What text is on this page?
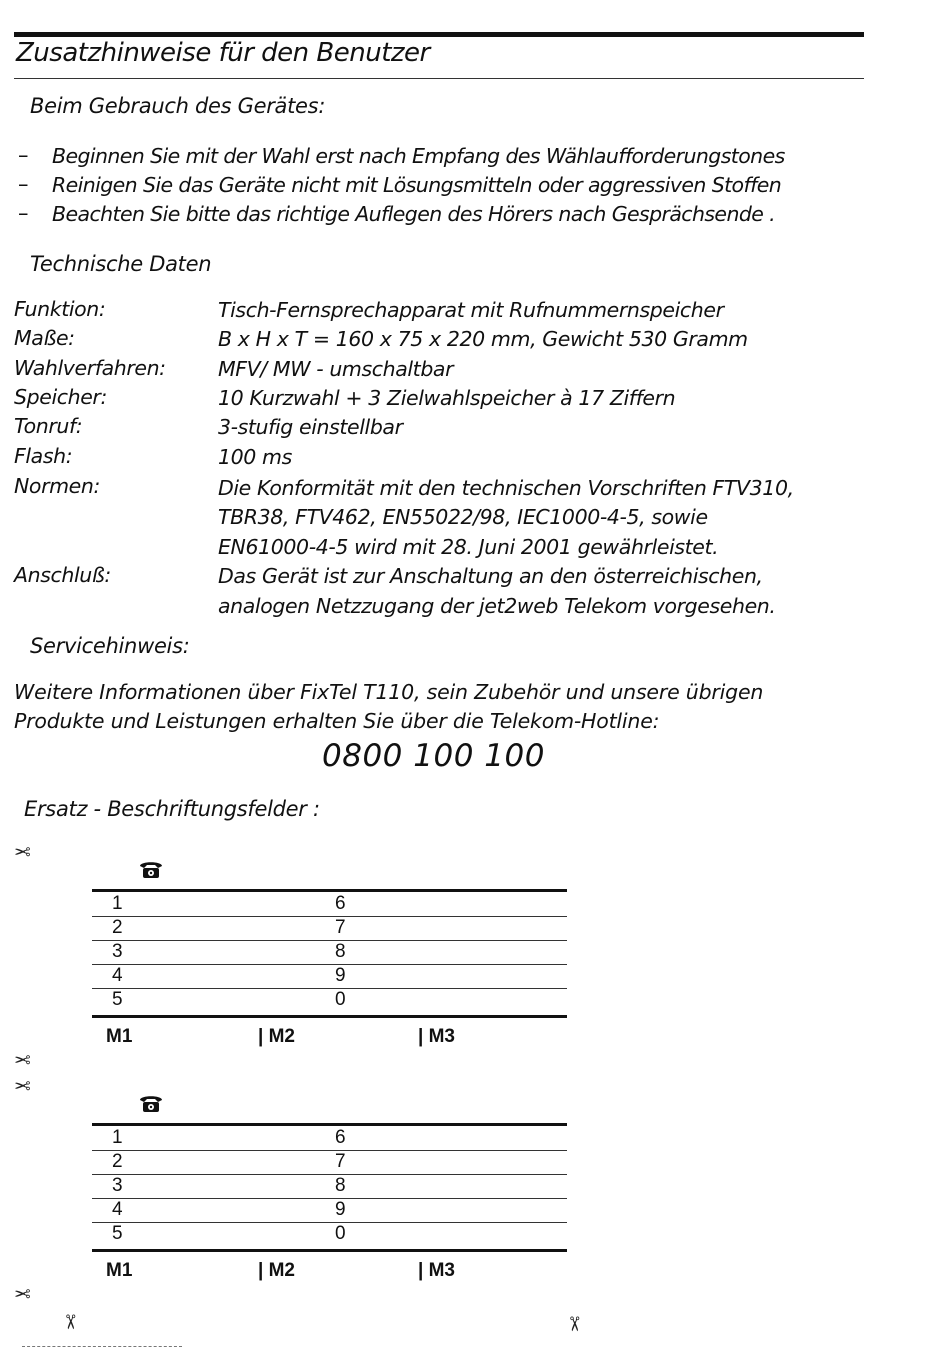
Zusatzhinweise für den Benutzer
Beim Gebrauch des Gerätes:
– Beginnen Sie mit der Wahl erst nach Empfang des Wählaufforderungstones
– Reinigen Sie das Geräte nicht mit Lösungsmitteln oder aggressiven Stoffen
– Beachten Sie bitte das richtige Auflegen des Hörers nach Gesprächsende .
Technische Daten
Funktion:	Tisch-Fernsprechapparat mit Rufnummernspeicher
Maße:	B x H x T = 160 x 75 x 220 mm, Gewicht 530 Gramm
Wahlverfahren:	MFV/ MW - umschaltbar
Speicher:	10 Kurzwahl + 3 Zielwahlspeicher à 17 Ziffern
Tonruf:	3-stufig einstellbar
Flash:	100 ms
Normen:	Die Konformität mit den technischen Vorschriften FTV310,
TBR38, FTV462, EN55022/98, IEC1000-4-5, sowie
EN61000-4-5 wird mit 28. Juni 2001 gewährleistet.
Anschluß:	Das Gerät ist zur Anschaltung an den österreichischen,
analogen Netzzugang der jet2web Telekom vorgesehen.
Servicehinweis:
Weitere Informationen über FixTel T110, sein Zubehör und unsere übrigen
Produkte und Leistungen erhalten Sie über die Telekom-Hotline:
0800 100 100
Ersatz - Beschriftungsfelder :
✂
✂
✂
✂
✂	✂
1	6
2	7
3	8
4	9
5	0
M1	| M2	| M3
1	6
2	7
3	8
4	9
5	0
M1	| M2	| M3
